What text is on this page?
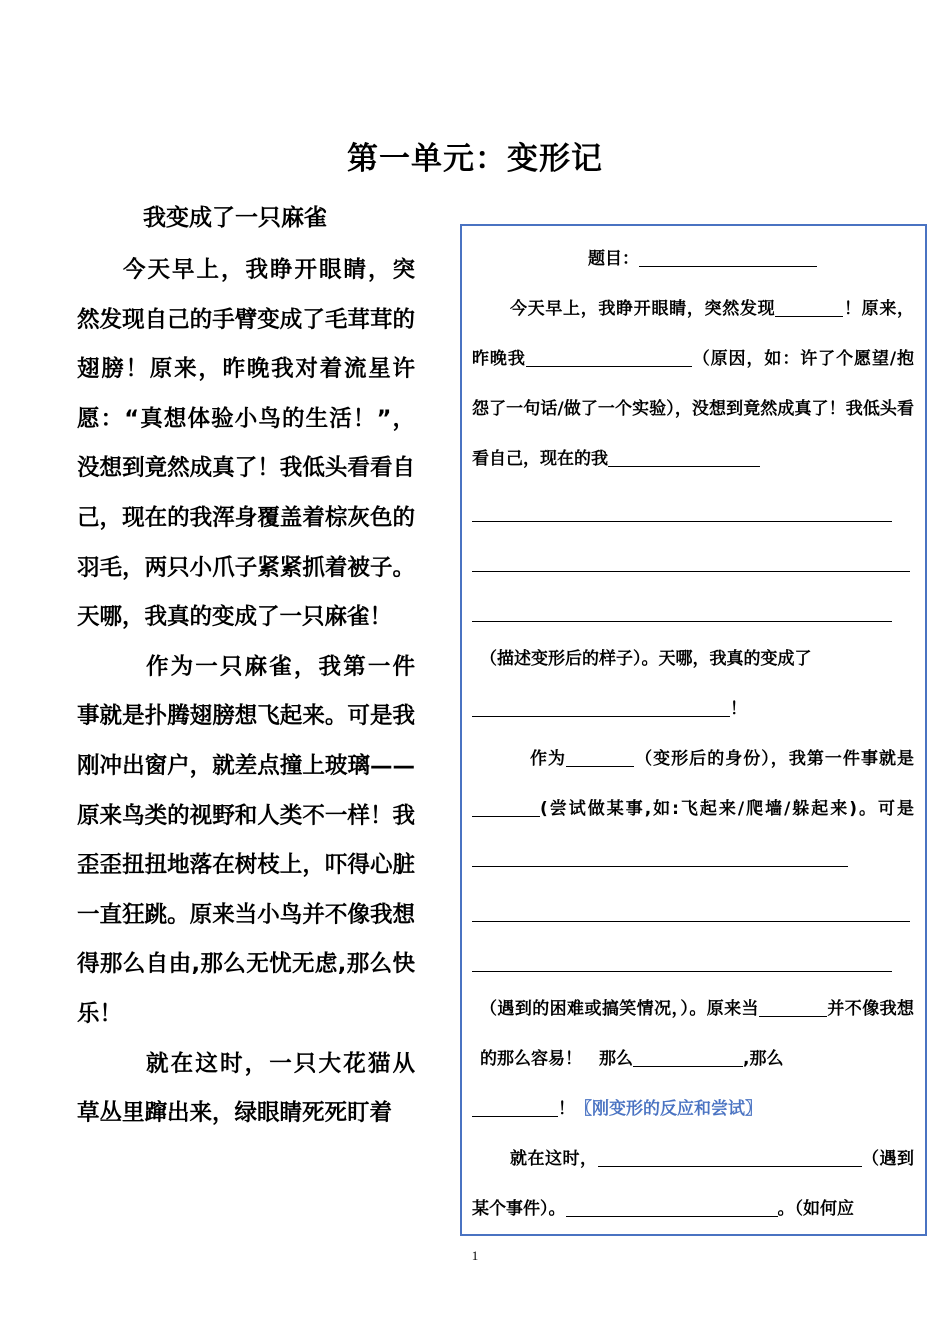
第一单元：变形记
我变成了一只麻雀

今天早上，我睁开眼睛，突然发现自己的手臂变成了毛茸茸的翅膀！原来，昨晚我对着流星许愿：“真想体验小鸟的生活！”，没想到竟然成真了！我低头看看自己，现在的我浑身覆盖着棕灰色的羽毛，两只小爪子紧紧抓着被子。天哪，我真的变成了一只麻雀！

作为一只麻雀，我第一件事就是扑腾翅膀想飞起来。可是我刚冲出窗户，就差点撞上玻璃——原来鸟类的视野和人类不一样！我歪歪扭扭地落在树枝上，吓得心脏一直狂跳。原来当小鸟并不像我想得那么自由,那么无忧无虑,那么快乐！

就在这时，一只大花猫从草丛里蹿出来，绿眼睛死死盯着

题目：

今天早上，我睁开眼睛，突然发现	！原来，昨晚我	（原因，如：许了个愿望/抱怨了一句话/做了一个实验），没想到竟然成真了！我低头看看自己，现在的我

（描述变形后的样子）。天哪，我真的变成了

！

作为	（变形后的身份），我第一件事就是(尝试做某事,如:飞起来/爬墙/躲起来)。可是

（遇到的困难或搞笑情况，）。原来当	并不像我想的那么容易！　那么	,那么

！〖刚变形的反应和尝试〗

就在这时，	（遇到某个事件）。	。（如何应

1
